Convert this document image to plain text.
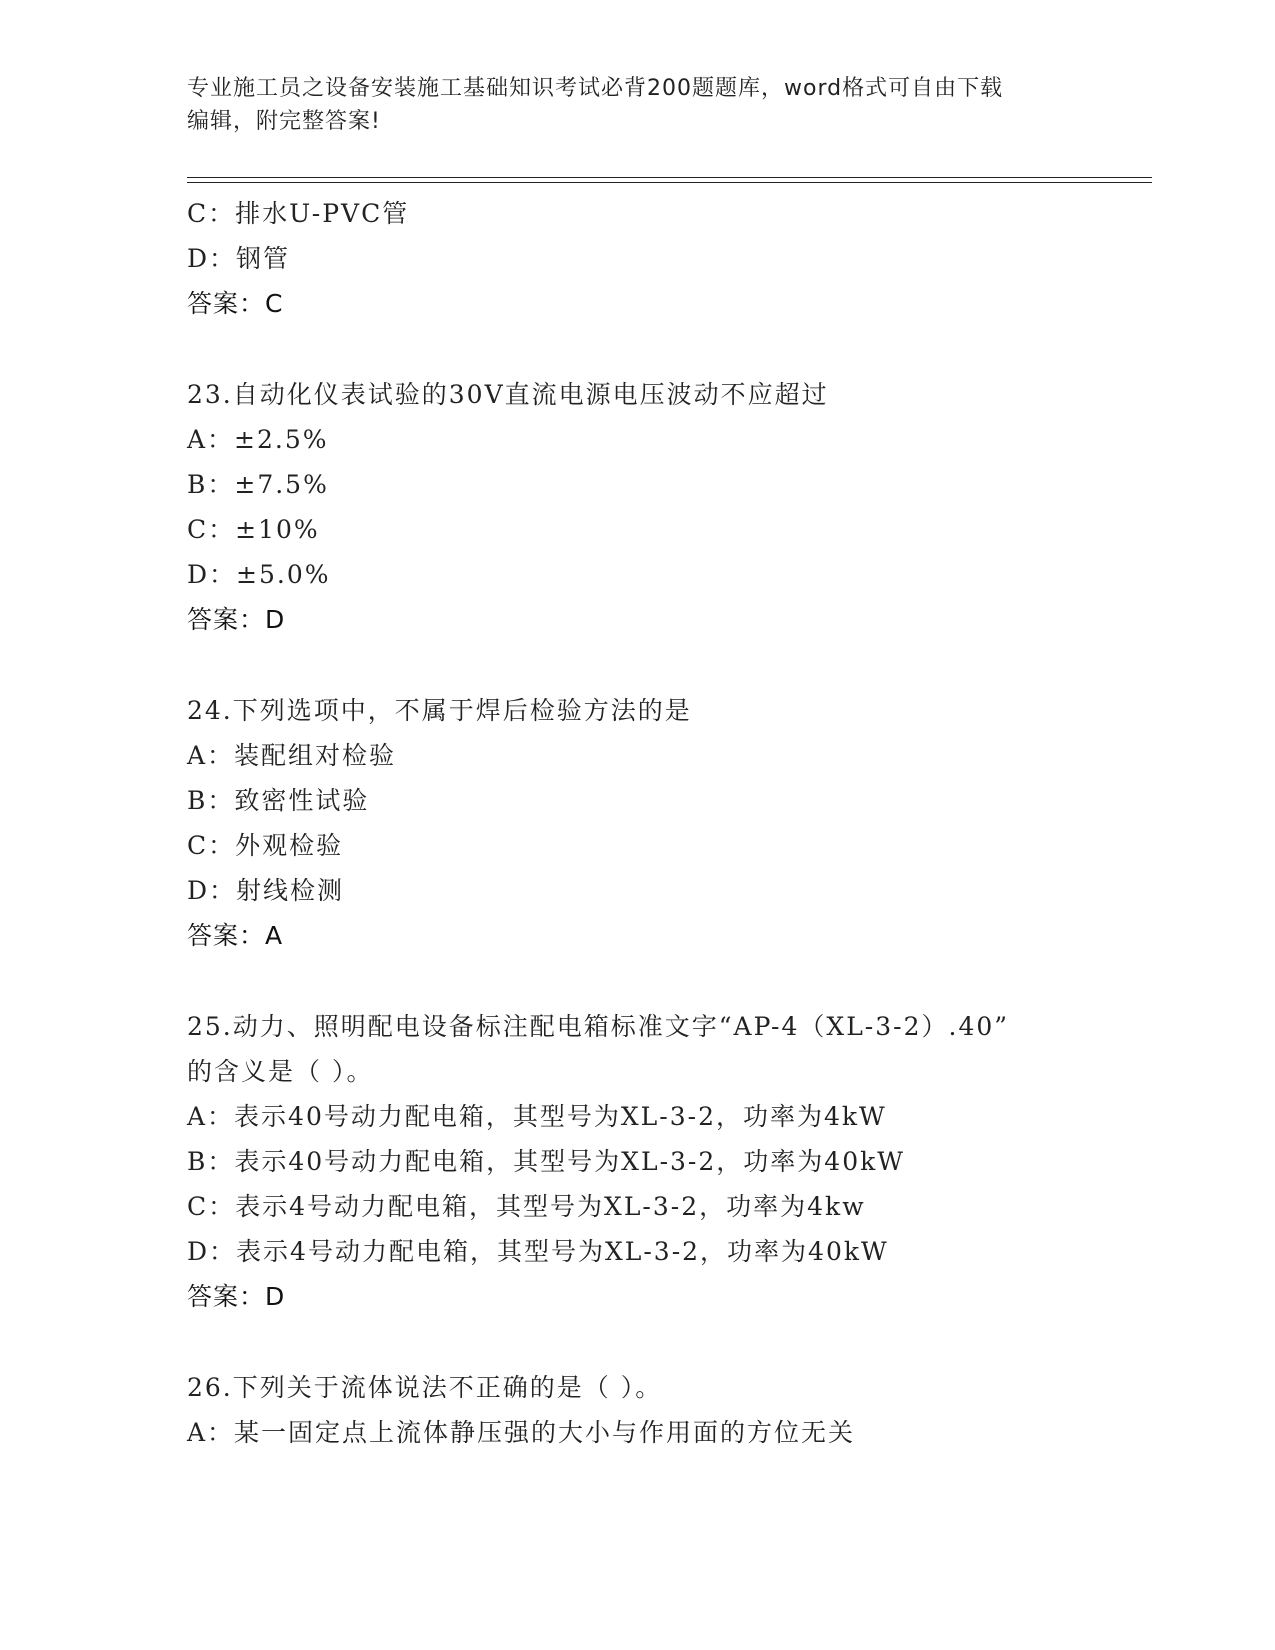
专业施工员之设备安装施工基础知识考试必背200题题库，word格式可自由下载
编辑，附完整答案!
C：排水U-PVC管
D：钢管
答案：C
23.自动化仪表试验的30V直流电源电压波动不应超过
A：±2.5%
B：±7.5%
C：±10%
D：±5.0%
答案：D
24.下列选项中，不属于焊后检验方法的是
A：装配组对检验
B：致密性试验
C：外观检验
D：射线检测
答案：A
25.动力、照明配电设备标注配电箱标准文字“AP-4（XL-3-2）.40”
的含义是（ ）。
A：表示40号动力配电箱，其型号为XL-3-2，功率为4kW
B：表示40号动力配电箱，其型号为XL-3-2，功率为40kW
C：表示4号动力配电箱，其型号为XL-3-2，功率为4kw
D：表示4号动力配电箱，其型号为XL-3-2，功率为40kW
答案：D
26.下列关于流体说法不正确的是（ ）。
A：某一固定点上流体静压强的大小与作用面的方位无关
